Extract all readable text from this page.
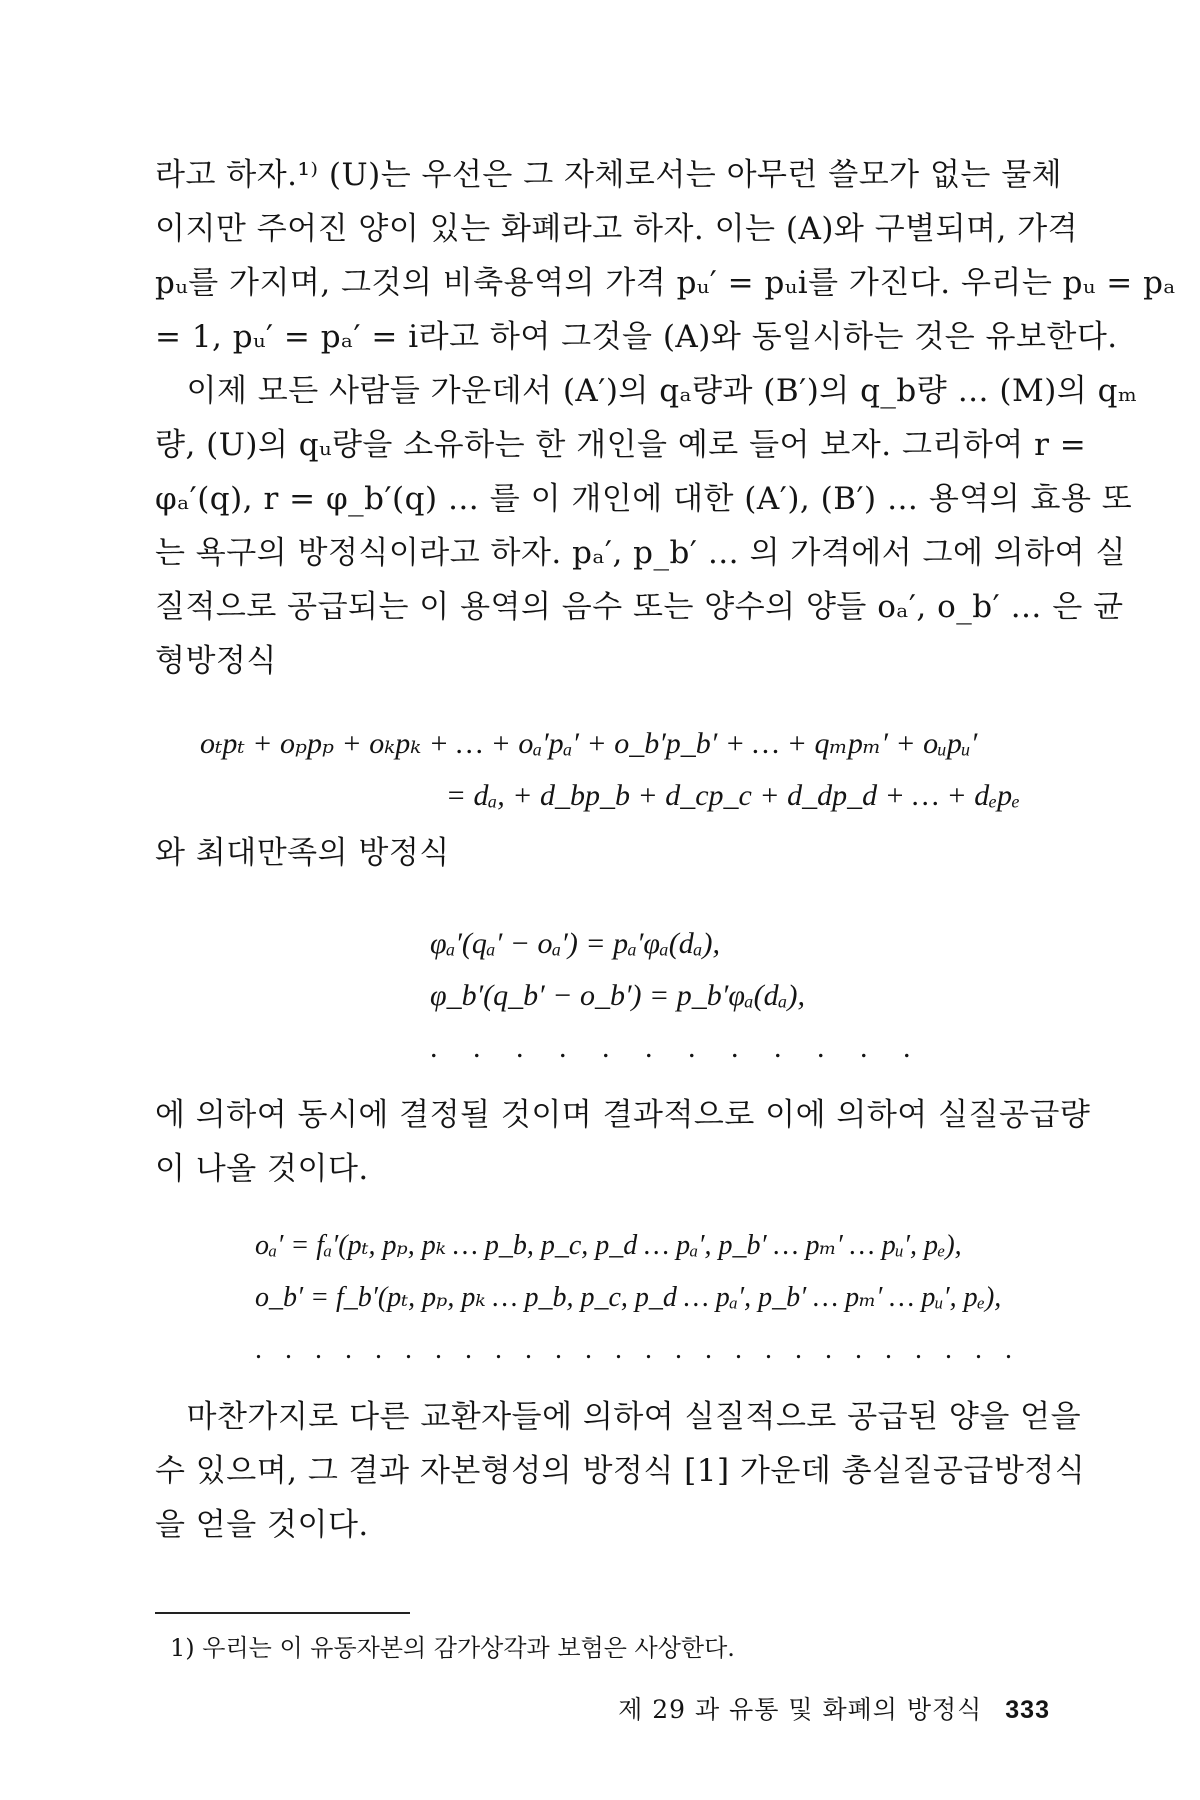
라고 하자.¹⁾ (U)는 우선은 그 자체로서는 아무런 쓸모가 없는 물체
이지만 주어진 양이 있는 화폐라고 하자. 이는 (A)와 구별되며, 가격
pᵤ를 가지며, 그것의 비축용역의 가격 pᵤ′ = pᵤi를 가진다. 우리는 pᵤ = pₐ
= 1, pᵤ′ = pₐ′ = i라고 하여 그것을 (A)와 동일시하는 것은 유보한다.
　이제 모든 사람들 가운데서 (A′)의 qₐ량과 (B′)의 q_b량 … (M)의 qₘ
량, (U)의 qᵤ량을 소유하는 한 개인을 예로 들어 보자. 그리하여 r =
φₐ′(q), r = φ_b′(q) … 를 이 개인에 대한 (A′), (B′) … 용역의 효용 또
는 욕구의 방정식이라고 하자. pₐ′, p_b′ … 의 가격에서 그에 의하여 실
질적으로 공급되는 이 용역의 음수 또는 양수의 양들 oₐ′, o_b′ … 은 균
형방정식
oₜpₜ + oₚpₚ + oₖpₖ + … + oₐ′pₐ′ + o_b′p_b′ + … + qₘpₘ′ + oᵤpᵤ′
= dₐ, + d_bp_b + d_cp_c + d_dp_d + … + dₑpₑ
와 최대만족의 방정식
φₐ′(qₐ′ − oₐ′) = pₐ′φₐ(dₐ),
φ_b′(q_b′ − o_b′) = p_b′φₐ(dₐ),
. . . . . . . . . . . .
에 의하여 동시에 결정될 것이며 결과적으로 이에 의하여 실질공급량
이 나올 것이다.
oₐ′ = fₐ′(pₜ, pₚ, pₖ … p_b, p_c, p_d … pₐ′, p_b′ … pₘ′ … pᵤ′, pₑ),
o_b′ = f_b′(pₜ, pₚ, pₖ … p_b, p_c, p_d … pₐ′, p_b′ … pₘ′ … pᵤ′, pₑ),
. . . . . . . . . . . . . . . . . . . . . . . . . .
　마찬가지로 다른 교환자들에 의하여 실질적으로 공급된 양을 얻을
수 있으며, 그 결과 자본형성의 방정식 [1] 가운데 총실질공급방정식
을 얻을 것이다.
1) 우리는 이 유동자본의 감가상각과 보험은 사상한다.
제 29 과 유통 및 화폐의 방정식 333
